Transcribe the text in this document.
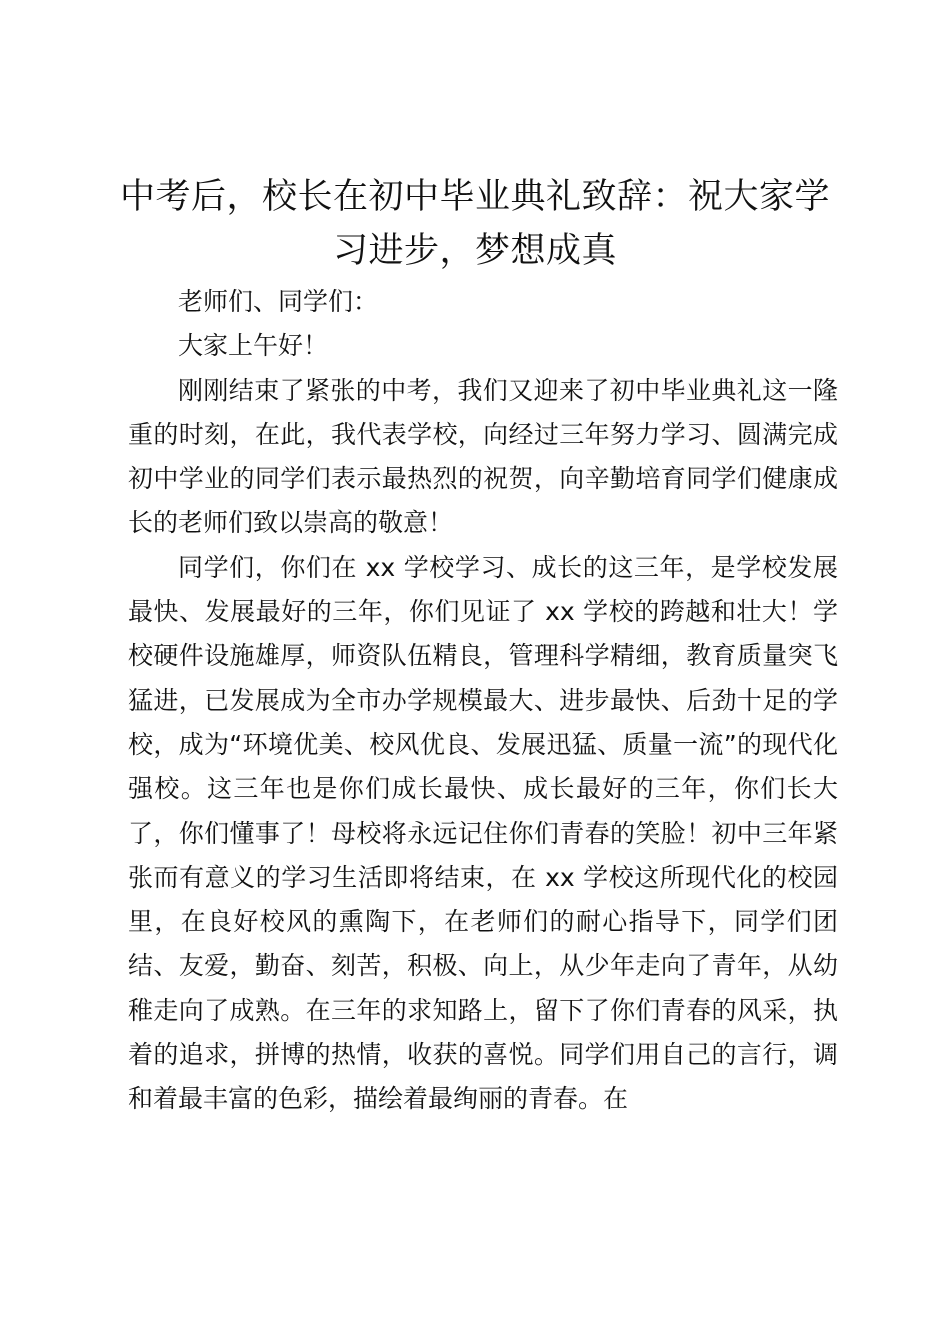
中考后，校长在初中毕业典礼致辞：祝大家学习进步，梦想成真

老师们、同学们：

大家上午好！

刚刚结束了紧张的中考，我们又迎来了初中毕业典礼这一隆重的时刻，在此，我代表学校，向经过三年努力学习、圆满完成初中学业的同学们表示最热烈的祝贺，向辛勤培育同学们健康成长的老师们致以崇高的敬意！

同学们，你们在 xx 学校学习、成长的这三年，是学校发展最快、发展最好的三年，你们见证了 xx 学校的跨越和壮大！学校硬件设施雄厚，师资队伍精良，管理科学精细，教育质量突飞猛进，已发展成为全市办学规模最大、进步最快、后劲十足的学校，成为“环境优美、校风优良、发展迅猛、质量一流”的现代化强校。这三年也是你们成长最快、成长最好的三年，你们长大了，你们懂事了！母校将永远记住你们青春的笑脸！初中三年紧张而有意义的学习生活即将结束，在 xx 学校这所现代化的校园里，在良好校风的熏陶下，在老师们的耐心指导下，同学们团结、友爱，勤奋、刻苦，积极、向上，从少年走向了青年，从幼稚走向了成熟。在三年的求知路上，留下了你们青春的风采，执着的追求，拼博的热情，收获的喜悦。同学们用自己的言行，调和着最丰富的色彩，描绘着最绚丽的青春。在
